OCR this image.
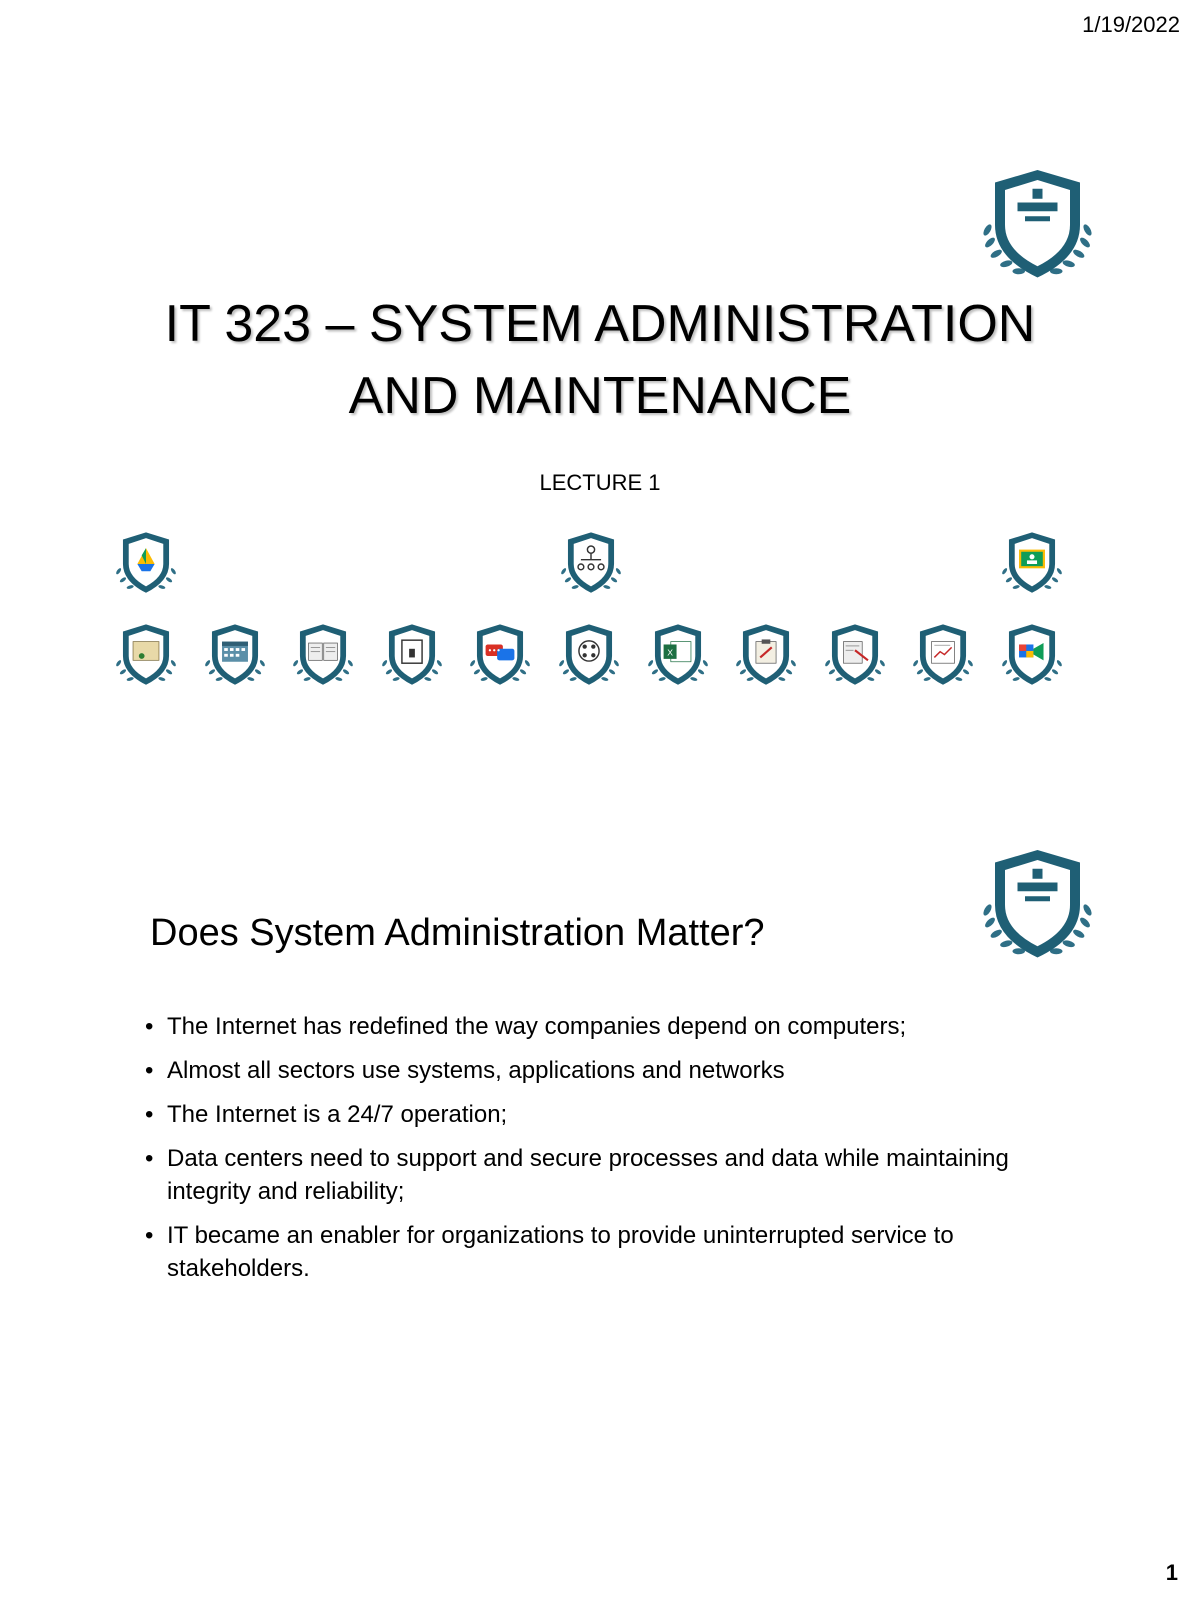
1/19/2022
IT 323 – SYSTEM ADMINISTRATION
AND MAINTENANCE
LECTURE 1
X
Does System Administration Matter?
• The Internet has redefined the way companies depend on computers;
• Almost all sectors use systems, applications and networks
• The Internet is a 24/7 operation;
• Data centers need to support and secure processes and data while maintaining integrity and reliability;
• IT became an enabler for organizations to provide uninterrupted service to stakeholders.
1
